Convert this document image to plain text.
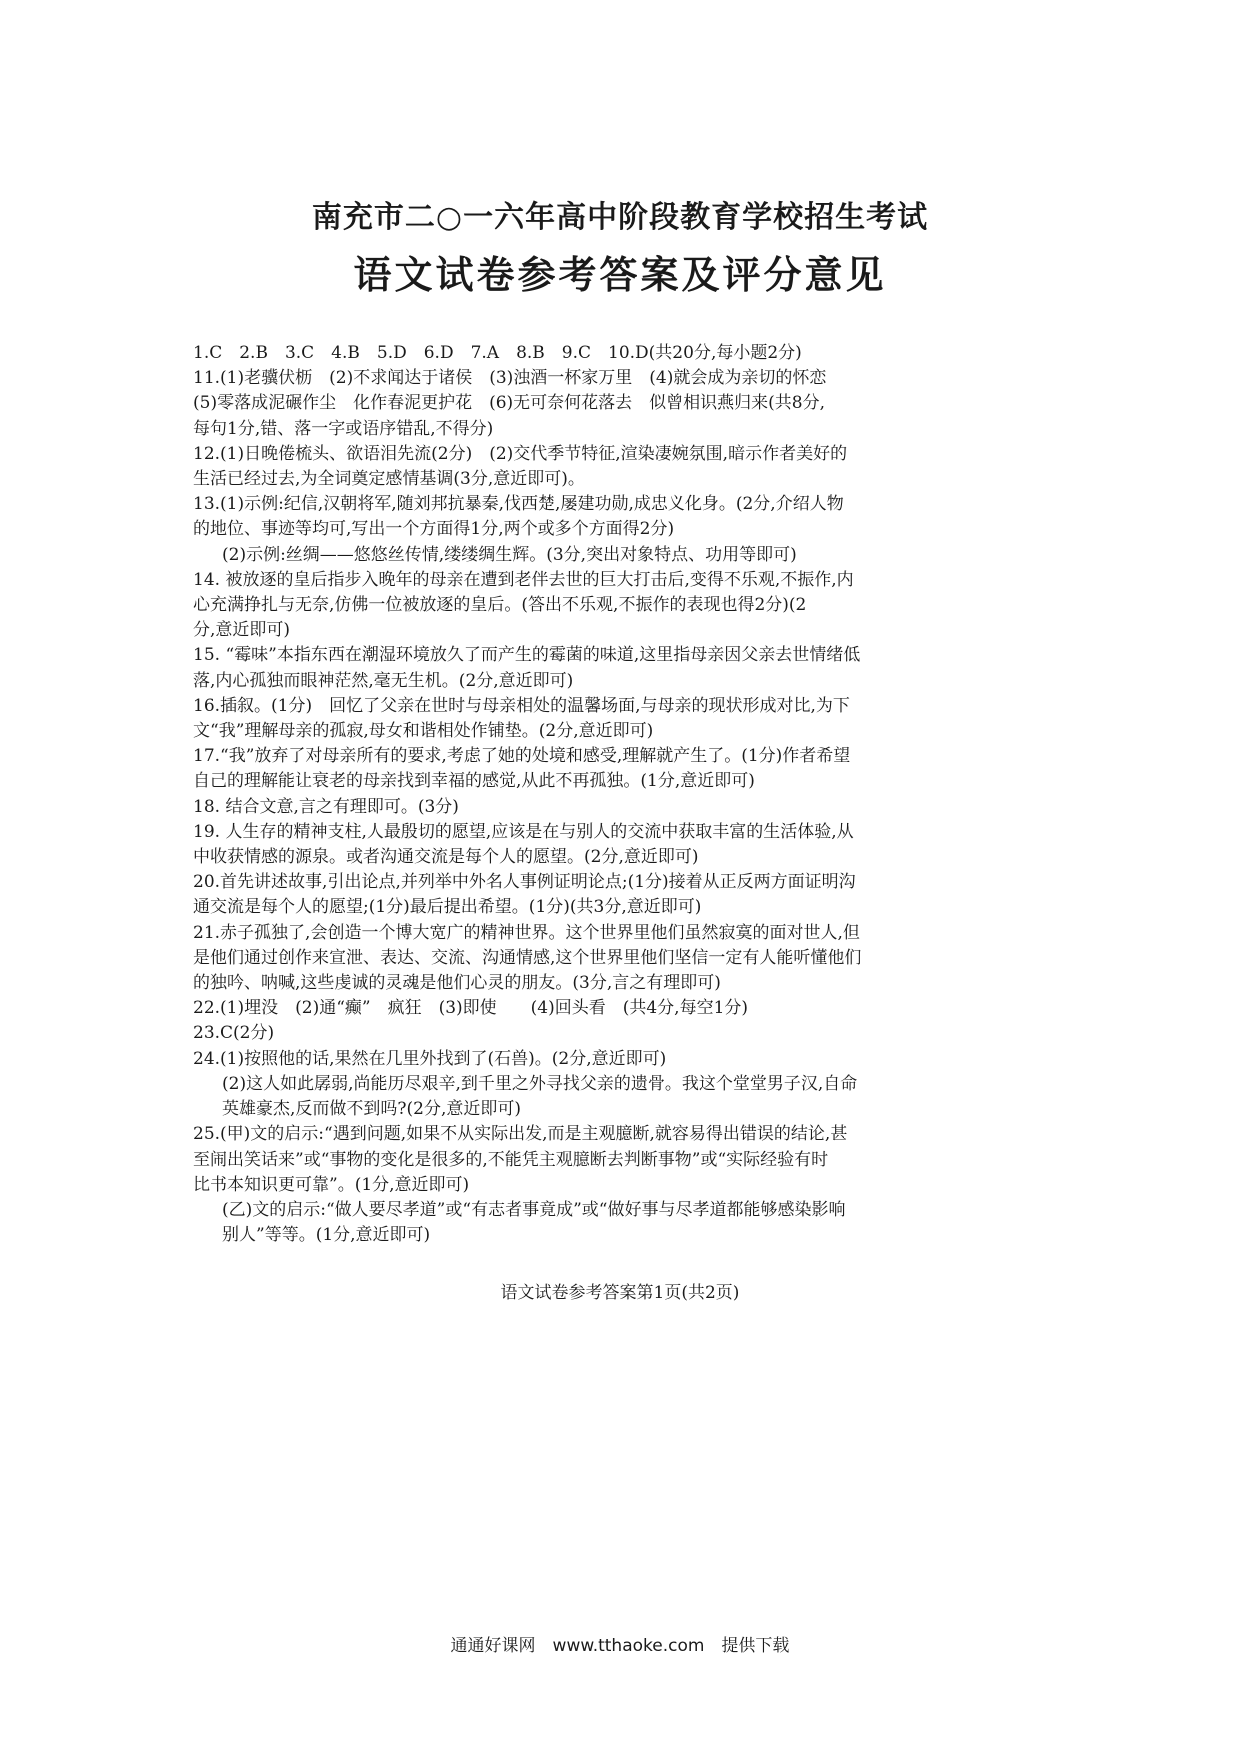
南充市二○一六年高中阶段教育学校招生考试
语文试卷参考答案及评分意见

1.C　2.B　3.C　4.B　5.D　6.D　7.A　8.B　9.C　10.D(共20分,每小题2分)

11.(1)老骥伏枥　(2)不求闻达于诸侯　(3)浊酒一杯家万里　(4)就会成为亲切的怀恋
(5)零落成泥碾作尘　化作春泥更护花　(6)无可奈何花落去　似曾相识燕归来(共8分,
每句1分,错、落一字或语序错乱,不得分)

12.(1)日晚倦梳头、欲语泪先流(2分)　(2)交代季节特征,渲染凄婉氛围,暗示作者美好的
生活已经过去,为全词奠定感情基调(3分,意近即可)。

13.(1)示例:纪信,汉朝将军,随刘邦抗暴秦,伐西楚,屡建功勋,成忠义化身。(2分,介绍人物
的地位、事迹等均可,写出一个方面得1分,两个或多个方面得2分)

(2)示例:丝绸——悠悠丝传情,缕缕绸生辉。(3分,突出对象特点、功用等即可)

14. 被放逐的皇后指步入晚年的母亲在遭到老伴去世的巨大打击后,变得不乐观,不振作,内
心充满挣扎与无奈,仿佛一位被放逐的皇后。(答出不乐观,不振作的表现也得2分)(2
分,意近即可)

15. “霉味”本指东西在潮湿环境放久了而产生的霉菌的味道,这里指母亲因父亲去世情绪低
落,内心孤独而眼神茫然,毫无生机。(2分,意近即可)

16.插叙。(1分)　回忆了父亲在世时与母亲相处的温馨场面,与母亲的现状形成对比,为下
文“我”理解母亲的孤寂,母女和谐相处作铺垫。(2分,意近即可)

17.“我”放弃了对母亲所有的要求,考虑了她的处境和感受,理解就产生了。(1分)作者希望
自己的理解能让衰老的母亲找到幸福的感觉,从此不再孤独。(1分,意近即可)

18. 结合文意,言之有理即可。(3分)

19. 人生存的精神支柱,人最殷切的愿望,应该是在与别人的交流中获取丰富的生活体验,从
中收获情感的源泉。或者沟通交流是每个人的愿望。(2分,意近即可)

20.首先讲述故事,引出论点,并列举中外名人事例证明论点;(1分)接着从正反两方面证明沟
通交流是每个人的愿望;(1分)最后提出希望。(1分)(共3分,意近即可)

21.赤子孤独了,会创造一个博大宽广的精神世界。这个世界里他们虽然寂寞的面对世人,但
是他们通过创作来宣泄、表达、交流、沟通情感,这个世界里他们坚信一定有人能听懂他们
的独吟、呐喊,这些虔诚的灵魂是他们心灵的朋友。(3分,言之有理即可)

22.(1)埋没　(2)通“癫”　疯狂　(3)即使　　(4)回头看　(共4分,每空1分)

23.C(2分)

24.(1)按照他的话,果然在几里外找到了(石兽)。(2分,意近即可)

(2)这人如此孱弱,尚能历尽艰辛,到千里之外寻找父亲的遗骨。我这个堂堂男子汉,自命
英雄豪杰,反而做不到吗?(2分,意近即可)

25.(甲)文的启示:“遇到问题,如果不从实际出发,而是主观臆断,就容易得出错误的结论,甚
至闹出笑话来”或“事物的变化是很多的,不能凭主观臆断去判断事物”或“实际经验有时
比书本知识更可靠”。(1分,意近即可)

(乙)文的启示:“做人要尽孝道”或“有志者事竟成”或“做好事与尽孝道都能够感染影响
别人”等等。(1分,意近即可)

语文试卷参考答案第1页(共2页)
通通好课网　www.tthaoke.com　提供下载
